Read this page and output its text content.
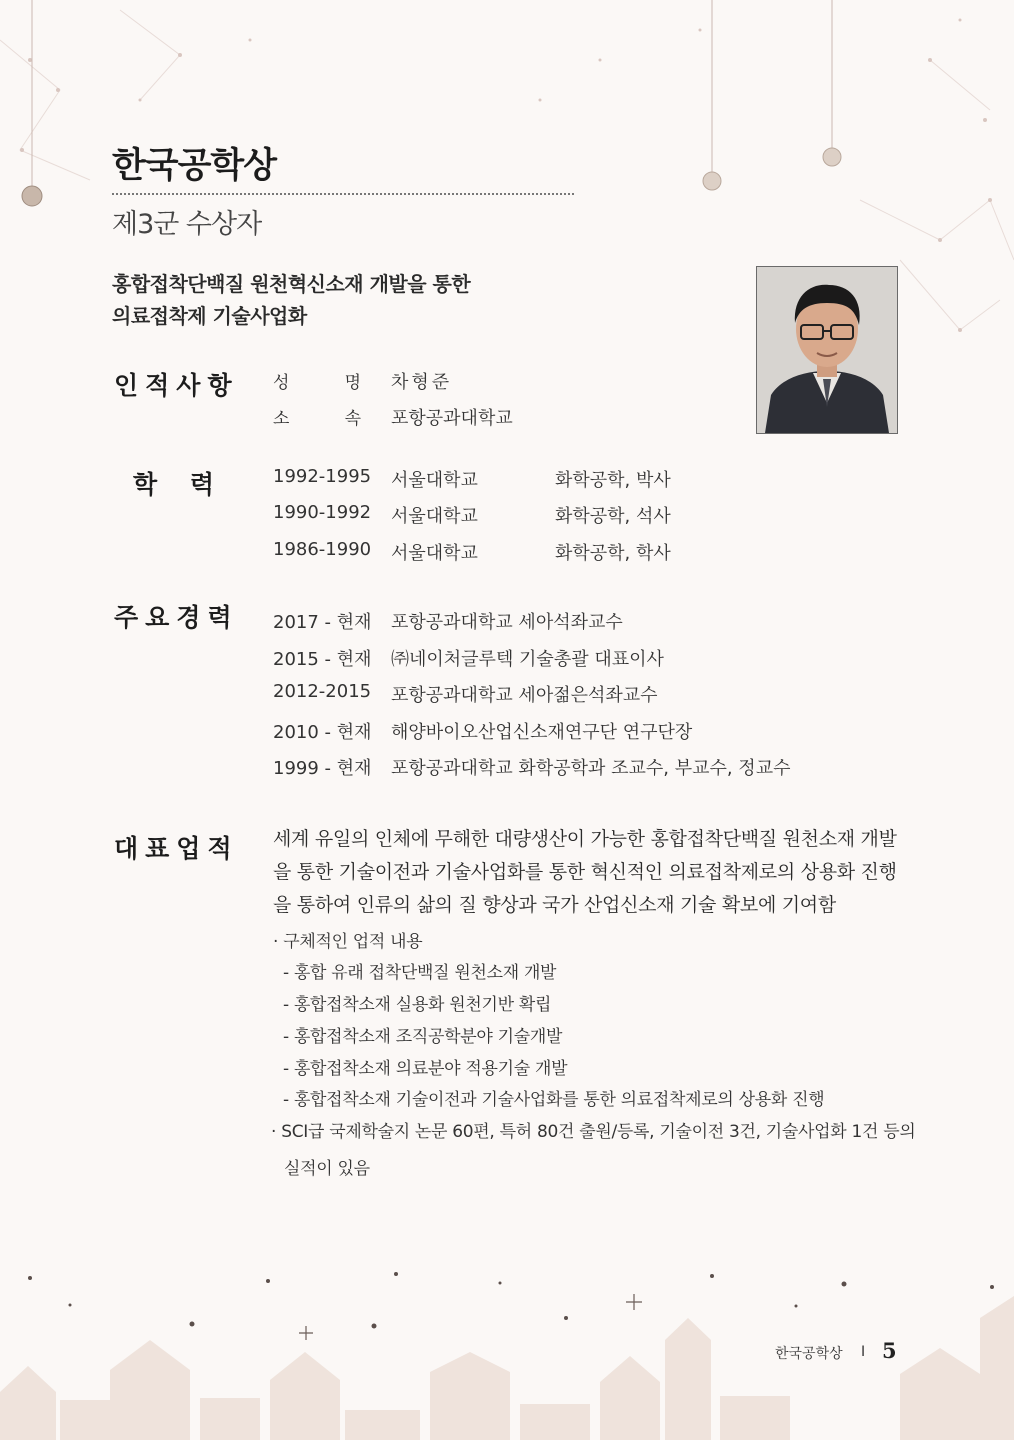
한국공학상
제3군 수상자
홍합접착단백질 원천혁신소재 개발을 통한
의료접착제 기술사업화
인적사항 성	명 차형준
소	속 포항공과대학교
학 력	1992-1995 서울대학교	화학공학, 박사
1990-1992 서울대학교	화학공학, 석사
1986-1990 서울대학교	화학공학, 학사
주요경력 2017 - 현재 포항공과대학교 세아석좌교수
2015 - 현재 ㈜네이처글루텍 기술총괄 대표이사
2012-2015 포항공과대학교 세아젊은석좌교수
2010 - 현재 해양바이오산업신소재연구단 연구단장
1999 - 현재 포항공과대학교 화학공학과 조교수, 부교수, 정교수
대표업적 세계 유일의 인체에 무해한 대량생산이 가능한 홍합접착단백질 원천소재 개발을 통한 기술이전과 기술사업화를 통한 혁신적인 의료접착제로의 상용화 진행을 통하여 인류의 삶의 질 향상과 국가 산업신소재 기술 확보에 기여함
· 구체적인 업적 내용
- 홍합 유래 접착단백질 원천소재 개발
- 홍합접착소재 실용화 원천기반 확립
- 홍합접착소재 조직공학분야 기술개발
- 홍합접착소재 의료분야 적용기술 개발
- 홍합접착소재 기술이전과 기술사업화를 통한 의료접착제로의 상용화 진행
· SCI급 국제학술지 논문 60편, 특허 80건 출원/등록, 기술이전 3건, 기술사업화 1건 등의
실적이 있음
한국공학상 I 5
